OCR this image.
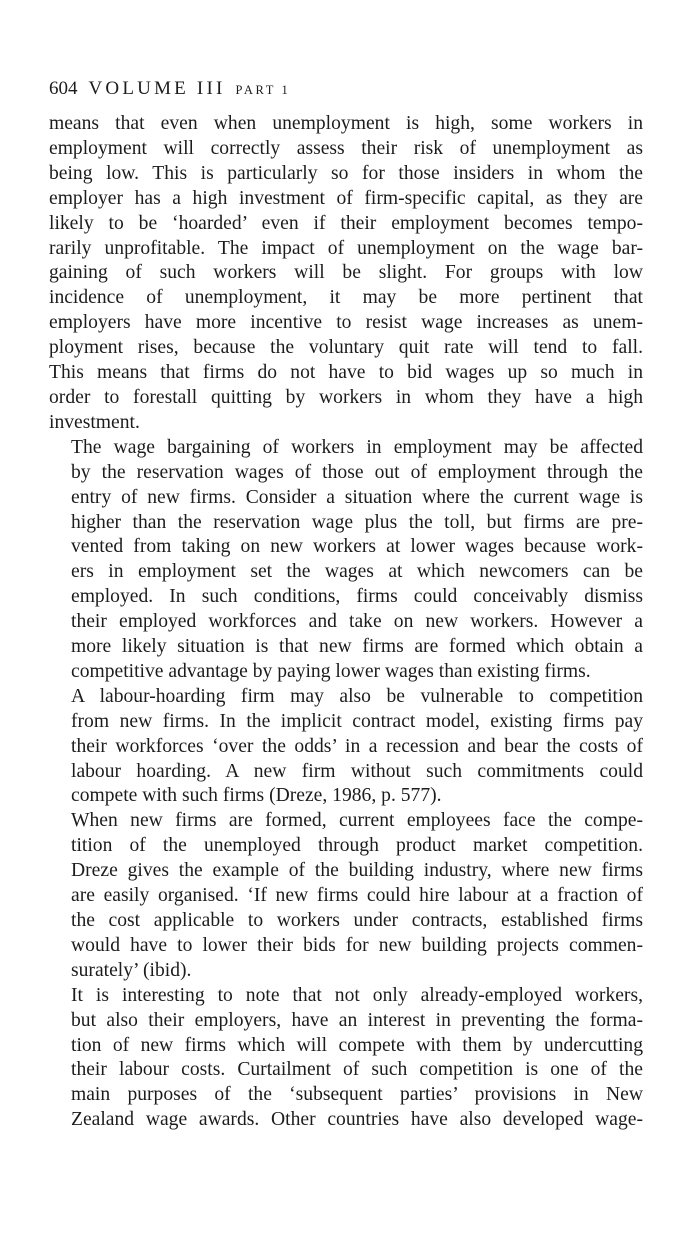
604 VOLUME III PART 1

means that even when unemployment is high, some workers in
employment will correctly assess their risk of unemployment as
being low. This is particularly so for those insiders in whom the
employer has a high investment of firm-specific capital, as they are
likely to be ‘hoarded’ even if their employment becomes tempo-
rarily unprofitable. The impact of unemployment on the wage bar-
gaining of such workers will be slight. For groups with low
incidence of unemployment, it may be more pertinent that
employers have more incentive to resist wage increases as unem-
ployment rises, because the voluntary quit rate will tend to fall.
This means that firms do not have to bid wages up so much in
order to forestall quitting by workers in whom they have a high
investment.

The wage bargaining of workers in employment may be affected
by the reservation wages of those out of employment through the
entry of new firms. Consider a situation where the current wage is
higher than the reservation wage plus the toll, but firms are pre-
vented from taking on new workers at lower wages because work-
ers in employment set the wages at which newcomers can be
employed. In such conditions, firms could conceivably dismiss
their employed workforces and take on new workers. However a
more likely situation is that new firms are formed which obtain a
competitive advantage by paying lower wages than existing firms.

A labour-hoarding firm may also be vulnerable to competition
from new firms. In the implicit contract model, existing firms pay
their workforces ‘over the odds’ in a recession and bear the costs of
labour hoarding. A new firm without such commitments could
compete with such firms (Dreze, 1986, p. 577).

When new firms are formed, current employees face the compe-
tition of the unemployed through product market competition.
Dreze gives the example of the building industry, where new firms
are easily organised. ‘If new firms could hire labour at a fraction of
the cost applicable to workers under contracts, established firms
would have to lower their bids for new building projects commen-
surately’ (ibid).

It is interesting to note that not only already-employed workers,
but also their employers, have an interest in preventing the forma-
tion of new firms which will compete with them by undercutting
their labour costs. Curtailment of such competition is one of the
main purposes of the ‘subsequent parties’ provisions in New
Zealand wage awards. Other countries have also developed wage-
